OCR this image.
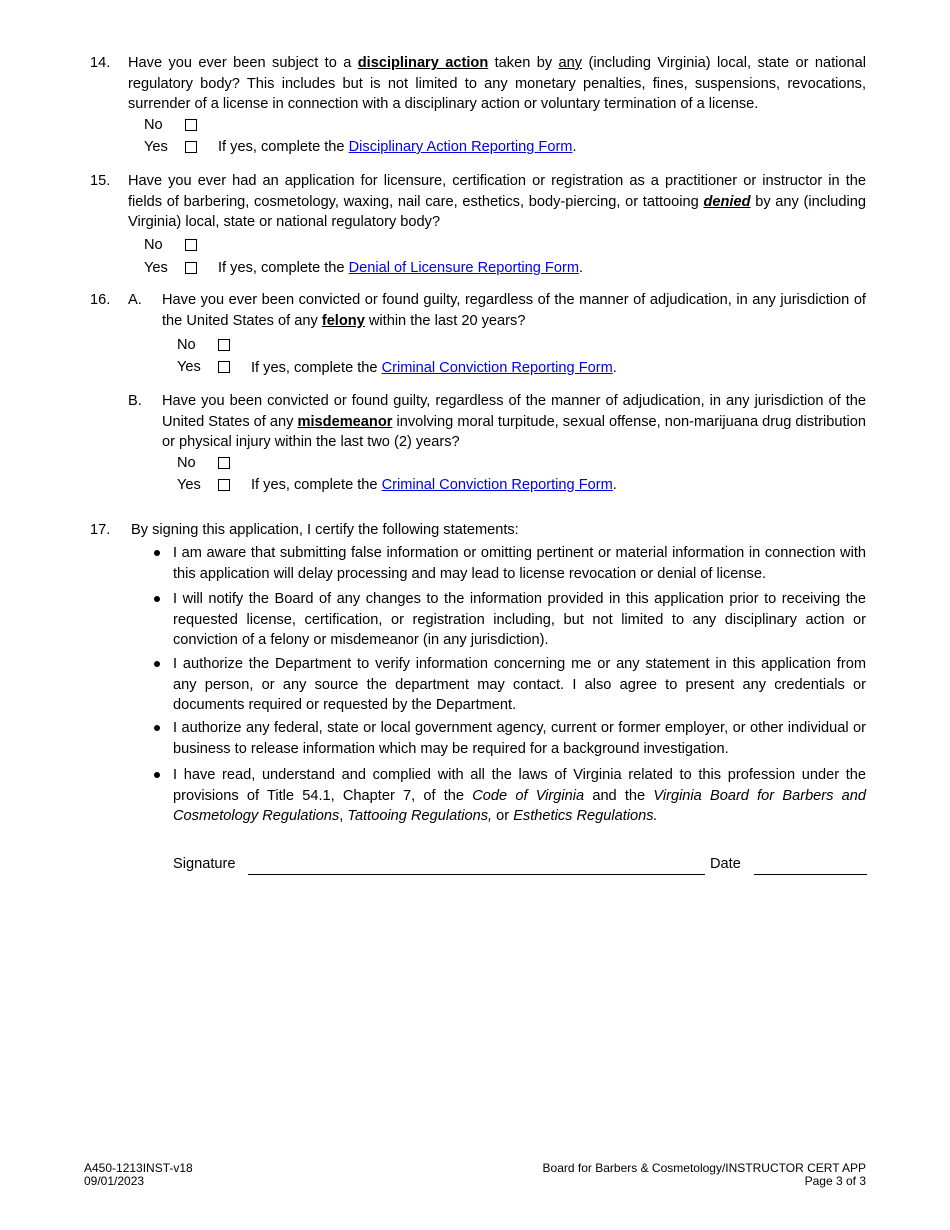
14. Have you ever been subject to a disciplinary action taken by any (including Virginia) local, state or national regulatory body? This includes but is not limited to any monetary penalties, fines, suspensions, revocations, surrender of a license in connection with a disciplinary action or voluntary termination of a license.
No
Yes	If yes, complete the Disciplinary Action Reporting Form.
15. Have you ever had an application for licensure, certification or registration as a practitioner or instructor in the fields of barbering, cosmetology, waxing, nail care, esthetics, body-piercing, or tattooing denied by any (including Virginia) local, state or national regulatory body?
No
Yes	If yes, complete the Denial of Licensure Reporting Form.
16. A. Have you ever been convicted or found guilty, regardless of the manner of adjudication, in any jurisdiction of the United States of any felony within the last 20 years?
No
Yes	If yes, complete the Criminal Conviction Reporting Form.
B. Have you been convicted or found guilty, regardless of the manner of adjudication, in any jurisdiction of the United States of any misdemeanor involving moral turpitude, sexual offense, non-marijuana drug distribution or physical injury within the last two (2) years?
No
Yes	If yes, complete the Criminal Conviction Reporting Form.
17. By signing this application, I certify the following statements:
I am aware that submitting false information or omitting pertinent or material information in connection with this application will delay processing and may lead to license revocation or denial of license.
I will notify the Board of any changes to the information provided in this application prior to receiving the requested license, certification, or registration including, but not limited to any disciplinary action or conviction of a felony or misdemeanor (in any jurisdiction).
I authorize the Department to verify information concerning me or any statement in this application from any person, or any source the department may contact. I also agree to present any credentials or documents required or requested by the Department.
I authorize any federal, state or local government agency, current or former employer, or other individual or business to release information which may be required for a background investigation.
I have read, understand and complied with all the laws of Virginia related to this profession under the provisions of Title 54.1, Chapter 7, of the Code of Virginia and the Virginia Board for Barbers and Cosmetology Regulations, Tattooing Regulations, or Esthetics Regulations.
Signature	Date
A450-1213INST-v18
09/01/2023
Board for Barbers & Cosmetology/INSTRUCTOR CERT APP
Page 3 of 3
